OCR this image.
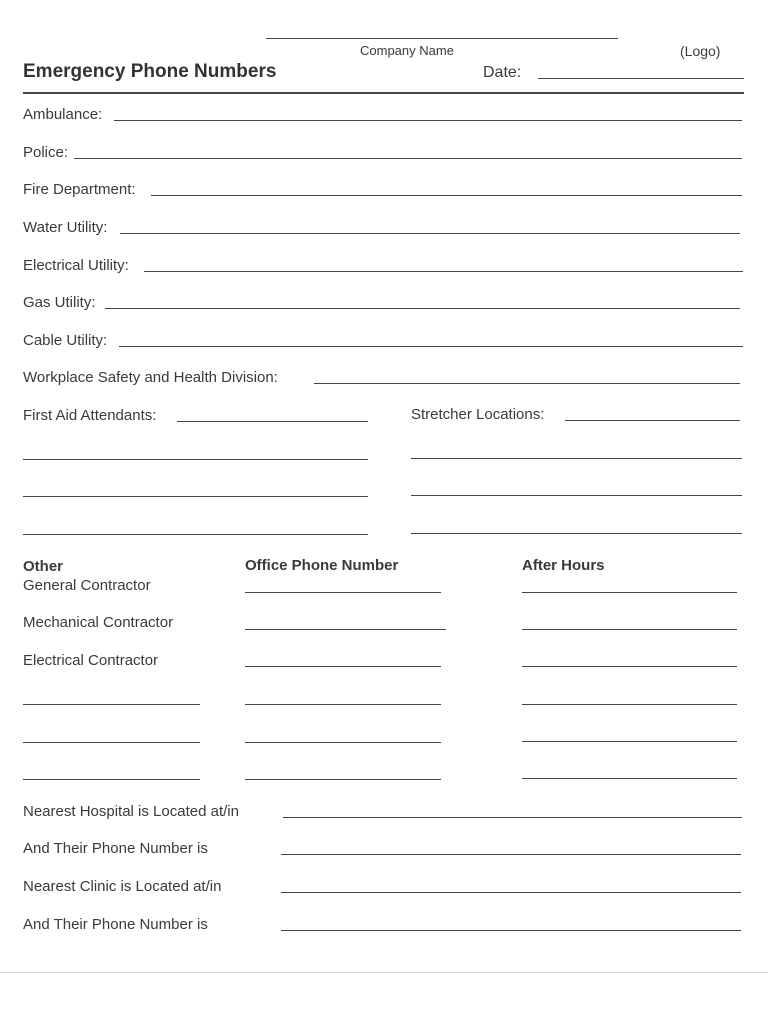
Company Name	(Logo)
Emergency Phone Numbers	Date:
Ambulance:
Police:
Fire Department:
Water Utility:
Electrical Utility:
Gas Utility:
Cable Utility:
Workplace Safety and Health Division:
First Aid Attendants:	Stretcher Locations:
Other	Office Phone Number	After Hours
General Contractor
Mechanical Contractor
Electrical Contractor
Nearest Hospital is Located at/in
And Their Phone Number is
Nearest Clinic is Located at/in
And Their Phone Number is
